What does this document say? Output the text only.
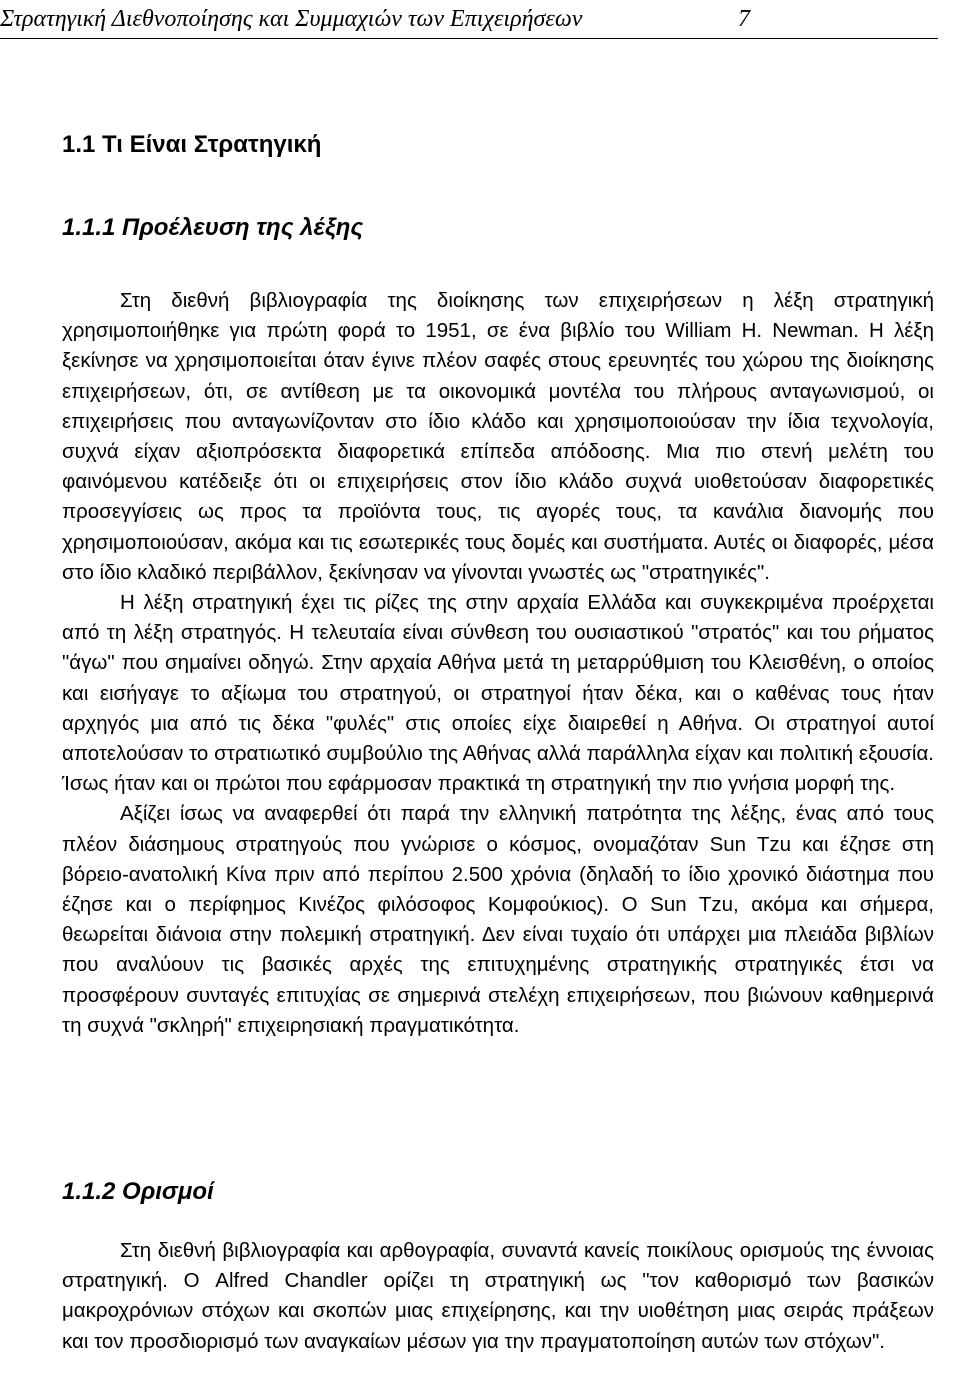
Στρατηγική Διεθνοποίησης και Συμμαχιών των Επιχειρήσεων	7
1.1 Τι Είναι Στρατηγική
1.1.1 Προέλευση της λέξης

Στη διεθνή βιβλιογραφία της διοίκησης των επιχειρήσεων η λέξη στρατηγική χρησιμοποιήθηκε για πρώτη φορά το 1951, σε ένα βιβλίο του William H. Newman. Η λέξη ξεκίνησε να χρησιμοποιείται όταν έγινε πλέον σαφές στους ερευνητές του χώρου της διοίκησης επιχειρήσεων, ότι, σε αντίθεση με τα οικονομικά μοντέλα του πλήρους ανταγωνισμού, οι επιχειρήσεις που ανταγωνίζονταν στο ίδιο κλάδο και χρησιμοποιούσαν την ίδια τεχνολογία, συχνά είχαν αξιοπρόσεκτα διαφορετικά επίπεδα απόδοσης. Μια πιο στενή μελέτη του φαινόμενου κατέδειξε ότι οι επιχειρήσεις στον ίδιο κλάδο συχνά υιοθετούσαν διαφορετικές προσεγγίσεις ως προς τα προϊόντα τους, τις αγορές τους, τα κανάλια διανομής που χρησιμοποιούσαν, ακόμα και τις εσωτερικές τους δομές και συστήματα. Αυτές οι διαφορές, μέσα στο ίδιο κλαδικό περιβάλλον, ξεκίνησαν να γίνονται γνωστές ως "στρατηγικές".

Η λέξη στρατηγική έχει τις ρίζες της στην αρχαία Ελλάδα και συγκεκριμένα προέρχεται από τη λέξη στρατηγός. Η τελευταία είναι σύνθεση του ουσιαστικού "στρατός" και του ρήματος "άγω" που σημαίνει οδηγώ. Στην αρχαία Αθήνα μετά τη μεταρρύθμιση του Κλεισθένη, ο οποίος και εισήγαγε το αξίωμα του στρατηγού, οι στρατηγοί ήταν δέκα, και ο καθένας τους ήταν αρχηγός μια από τις δέκα "φυλές" στις οποίες είχε διαιρεθεί η Αθήνα. Οι στρατηγοί αυτοί αποτελούσαν το στρατιωτικό συμβούλιο της Αθήνας αλλά παράλληλα είχαν και πολιτική εξουσία. Ίσως ήταν και οι πρώτοι που εφάρμοσαν πρακτικά τη στρατηγική την πιο γνήσια μορφή της.

Αξίζει ίσως να αναφερθεί ότι παρά την ελληνική πατρότητα της λέξης, ένας από τους πλέον διάσημους στρατηγούς που γνώρισε ο κόσμος, ονομαζόταν Sun Tzu και έζησε στη βόρειο-ανατολική Κίνα πριν από περίπου 2.500 χρόνια (δηλαδή το ίδιο χρονικό διάστημα που έζησε και ο περίφημος Κινέζος φιλόσοφος Κομφούκιος). Ο Sun Tzu, ακόμα και σήμερα, θεωρείται διάνοια στην πολεμική στρατηγική. Δεν είναι τυχαίο ότι υπάρχει μια πλειάδα βιβλίων που αναλύουν τις βασικές αρχές της επιτυχημένης στρατηγικής στρατηγικές έτσι να προσφέρουν συνταγές επιτυχίας σε σημερινά στελέχη επιχειρήσεων, που βιώνουν καθημερινά τη συχνά "σκληρή" επιχειρησιακή πραγματικότητα.

1.1.2 Ορισμοί

Στη διεθνή βιβλιογραφία και αρθογραφία, συναντά κανείς ποικίλους ορισμούς της έννοιας στρατηγική. Ο Alfred Chandler ορίζει τη στρατηγική ως "τον καθορισμό των βασικών μακροχρόνιων στόχων και σκοπών μιας επιχείρησης, και την υιοθέτηση μιας σειράς πράξεων και τον προσδιορισμό των αναγκαίων μέσων για την πραγματοποίηση αυτών των στόχων".
